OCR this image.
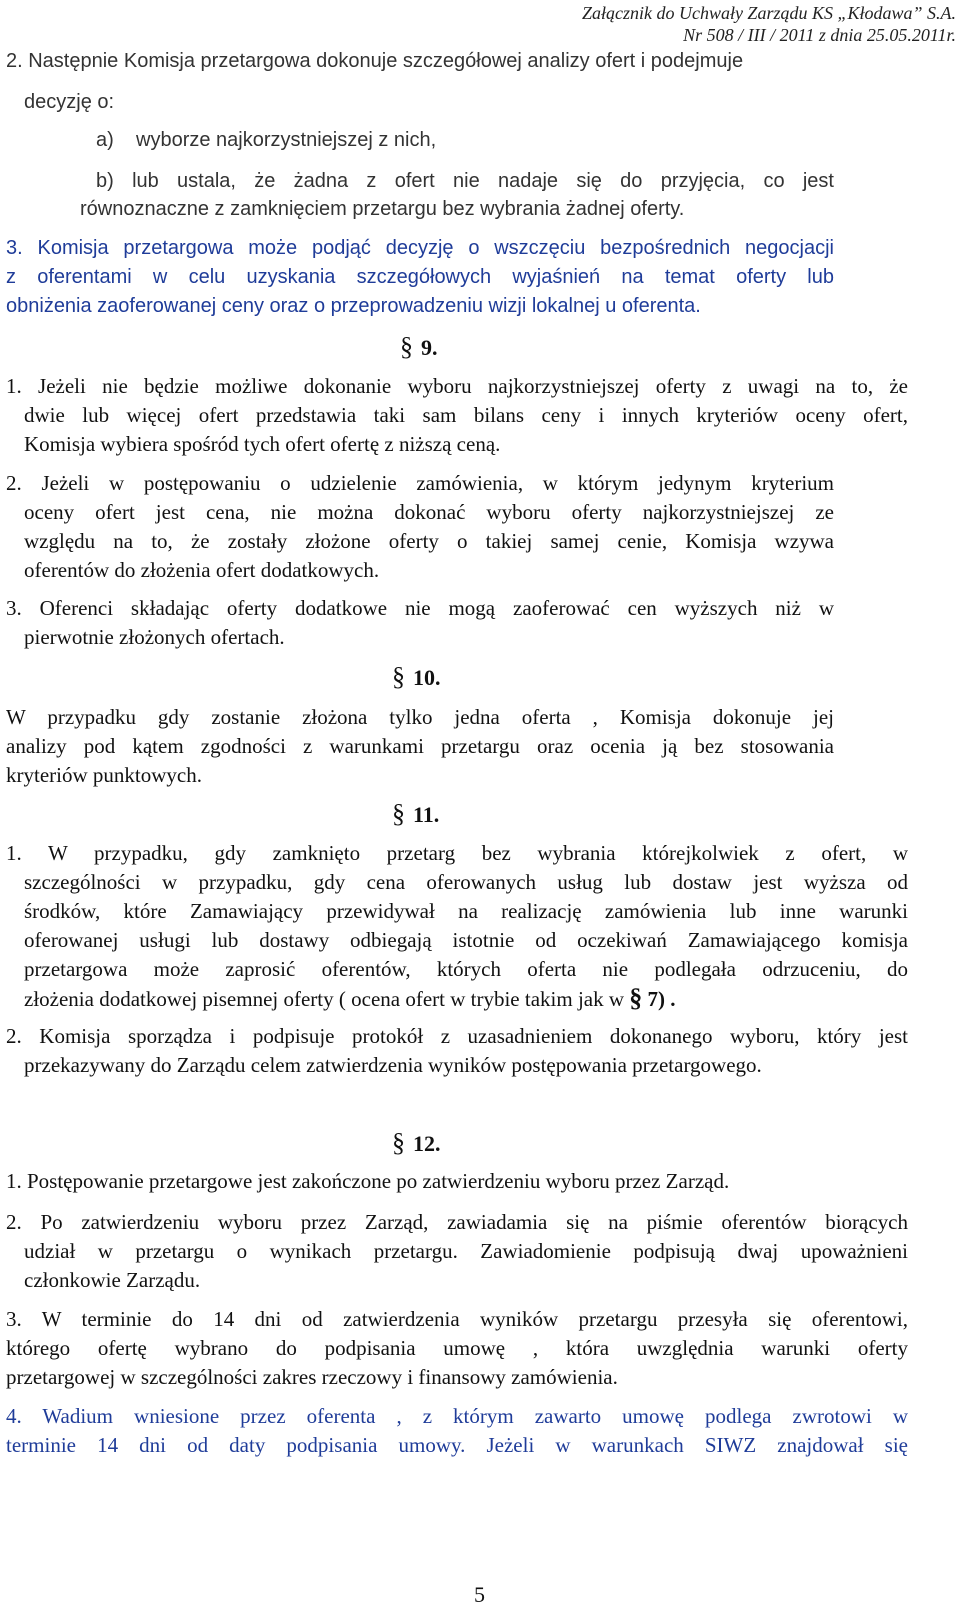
Załącznik do Uchwały Zarządu KS „Kłodawa” S.A.
Nr 508 / III / 2011 z dnia 25.05.2011r.
2. Następnie Komisja przetargowa dokonuje szczegółowej analizy ofert i podejmuje
decyzję o:
a)    wyborze najkorzystniejszej z nich,
b) lub ustala, że żadna z ofert nie nadaje się do przyjęcia, co jest
równoznaczne z zamknięciem przetargu bez wybrania żadnej oferty.
3. Komisja przetargowa może podjąć decyzję o wszczęciu bezpośrednich negocjacji
z oferentami w celu uzyskania szczegółowych wyjaśnień na temat oferty lub
obniżenia zaoferowanej ceny oraz o przeprowadzeniu wizji lokalnej u oferenta.
§ 9.
1. Jeżeli nie będzie możliwe dokonanie wyboru najkorzystniejszej oferty z uwagi na to, że
dwie lub więcej ofert przedstawia taki sam bilans ceny i innych kryteriów oceny ofert,
Komisja wybiera spośród tych ofert ofertę z niższą ceną.
2. Jeżeli w postępowaniu o udzielenie zamówienia, w którym jedynym kryterium
oceny ofert jest cena, nie można dokonać wyboru oferty najkorzystniejszej ze
względu na to, że zostały złożone oferty o takiej samej cenie, Komisja wzywa
oferentów do złożenia ofert dodatkowych.
3. Oferenci składając oferty dodatkowe nie mogą zaoferować cen wyższych niż w
pierwotnie złożonych ofertach.
§ 10.
W przypadku gdy zostanie złożona tylko jedna oferta , Komisja dokonuje jej
analizy pod kątem zgodności z warunkami przetargu oraz ocenia ją bez stosowania
kryteriów punktowych.
§ 11.
1. W przypadku, gdy zamknięto przetarg bez wybrania którejkolwiek z ofert, w
szczególności w przypadku, gdy cena oferowanych usług lub dostaw jest wyższa od
środków, które Zamawiający przewidywał na realizację zamówienia lub inne warunki
oferowanej usługi lub dostawy odbiegają istotnie od oczekiwań Zamawiającego komisja
przetargowa może zaprosić oferentów, których oferta nie podlegała odrzuceniu, do
złożenia dodatkowej pisemnej oferty ( ocena ofert w trybie takim jak w § 7) .
2. Komisja sporządza i podpisuje protokół z uzasadnieniem dokonanego wyboru, który jest
przekazywany do Zarządu celem zatwierdzenia wyników postępowania przetargowego.
§ 12.
1. Postępowanie przetargowe jest zakończone po zatwierdzeniu wyboru przez Zarząd.
2. Po zatwierdzeniu wyboru przez Zarząd, zawiadamia się na piśmie oferentów biorących
udział w przetargu o wynikach przetargu. Zawiadomienie podpisują dwaj upoważnieni
członkowie Zarządu.
3. W terminie do 14 dni od zatwierdzenia wyników przetargu przesyła się oferentowi,
którego ofertę wybrano do podpisania umowę , która uwzględnia warunki oferty
przetargowej w szczególności zakres rzeczowy i finansowy zamówienia.
4. Wadium wniesione przez oferenta , z którym zawarto umowę podlega zwrotowi w
terminie 14 dni od daty podpisania umowy. Jeżeli w warunkach SIWZ znajdował się
5
